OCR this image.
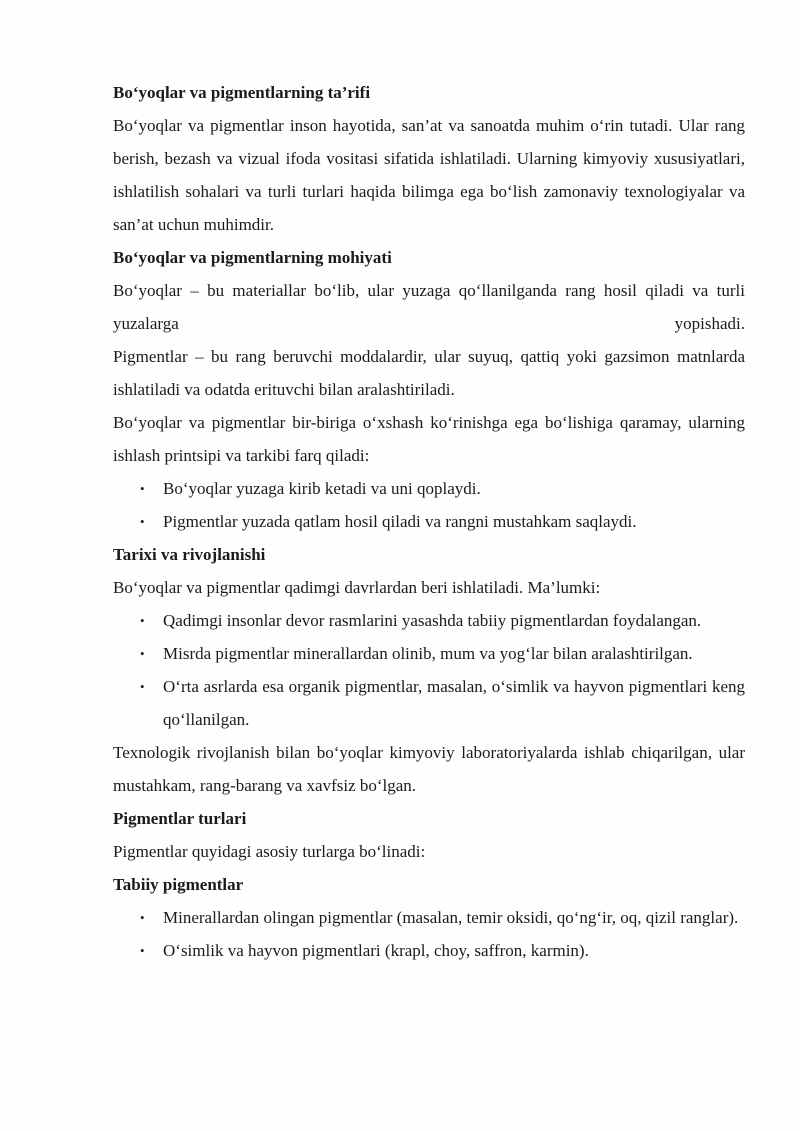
Bo‘yoqlar va pigmentlarning ta’rifi
Bo‘yoqlar va pigmentlar inson hayotida, san’at va sanoatda muhim o‘rin tutadi. Ular rang berish, bezash va vizual ifoda vositasi sifatida ishlatiladi. Ularning kimyoviy xususiyatlari, ishlatilish sohalari va turli turlari haqida bilimga ega bo‘lish zamonaviy texnologiyalar va san’at uchun muhimdir.
Bo‘yoqlar va pigmentlarning mohiyati
Bo‘yoqlar – bu materiallar bo‘lib, ular yuzaga qo‘llanilganda rang hosil qiladi va turli yuzalarga yopishadi.
Pigmentlar – bu rang beruvchi moddalardir, ular suyuq, qattiq yoki gazsimon matnlarda ishlatiladi va odatda erituvchi bilan aralashtiriladi.
Bo‘yoqlar va pigmentlar bir-biriga o‘xshash ko‘rinishga ega bo‘lishiga qaramay, ularning ishlash printsipi va tarkibi farq qiladi:
•	Bo‘yoqlar yuzaga kirib ketadi va uni qoplaydi.
•	Pigmentlar yuzada qatlam hosil qiladi va rangni mustahkam saqlaydi.
Tarixi va rivojlanishi
Bo‘yoqlar va pigmentlar qadimgi davrlardan beri ishlatiladi. Ma’lumki:
•	Qadimgi insonlar devor rasmlarini yasashda tabiiy pigmentlardan foydalangan.
•	Misrda pigmentlar minerallardan olinib, mum va yog‘lar bilan aralashtirilgan.
•	O‘rta asrlarda esa organik pigmentlar, masalan, o‘simlik va hayvon pigmentlari keng qo‘llanilgan.
Texnologik rivojlanish bilan bo‘yoqlar kimyoviy laboratoriyalarda ishlab chiqarilgan, ular mustahkam, rang-barang va xavfsiz bo‘lgan.
Pigmentlar turlari
Pigmentlar quyidagi asosiy turlarga bo‘linadi:
Tabiiy pigmentlar
•	Minerallardan olingan pigmentlar (masalan, temir oksidi, qo‘ng‘ir, oq, qizil ranglar).
•	O‘simlik va hayvon pigmentlari (krapl, choy, saffron, karmin).
